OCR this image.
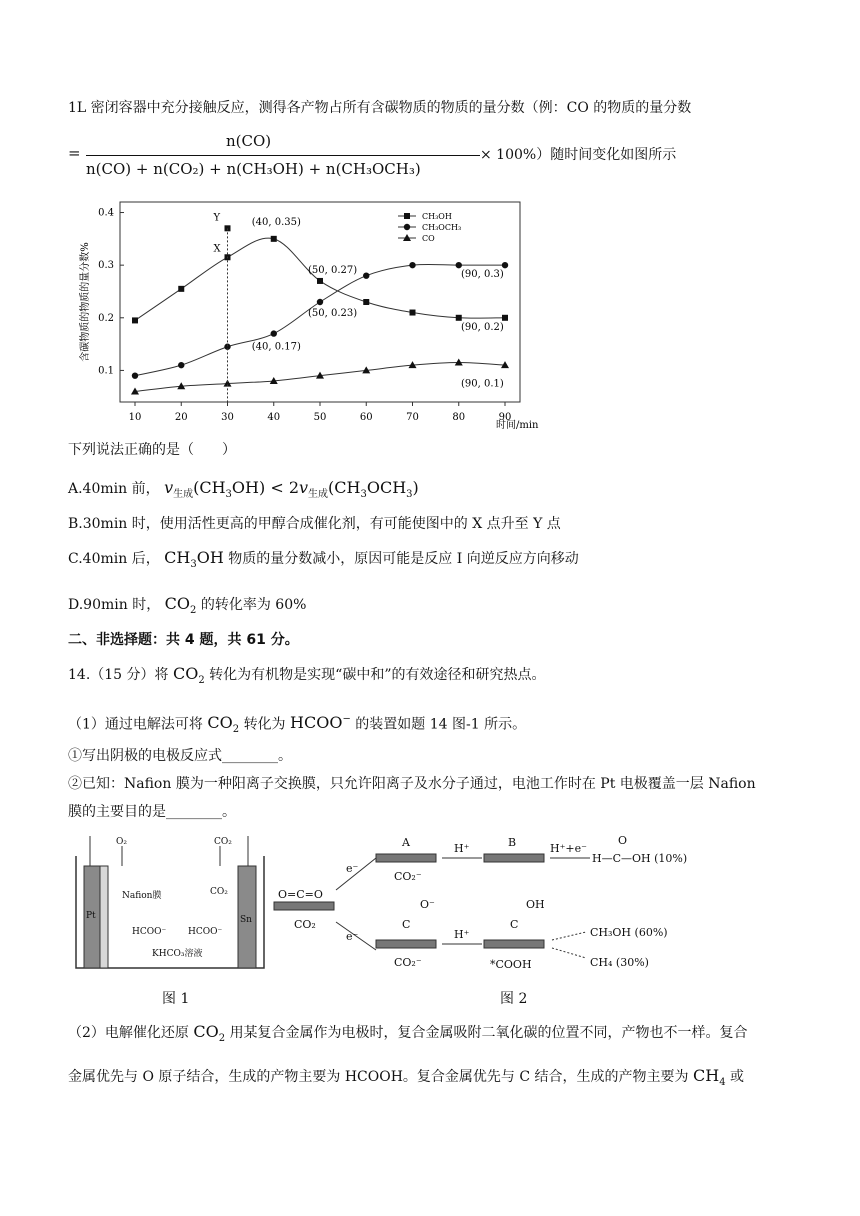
1L 密闭容器中充分接触反应，测得各产物占所有含碳物质的物质的量分数（例：CO 的物质的量分数
=
n(CO)
n(CO) + n(CO₂) + n(CH₃OH) + n(CH₃OCH₃)
× 100%）随时间变化如图所示
10	20	30	40	50	60	70	80	90
0.1
0.2
0.3
0.4
含碳物质的物质的量分数%
时间/min
(40, 0.35)
(50, 0.27)
(50, 0.23)
(40, 0.17)
(90, 0.3)
(90, 0.2)
(90, 0.1)
Y
X
CH₃OH
CH₃OCH₃
CO
下列说法正确的是（　　）
A.40min 前， $v_{生成}(CH_3OH) < 2v_{生成}(CH_3OCH_3)$
B.30min 时，使用活性更高的甲醇合成催化剂，有可能使图中的 X 点升至 Y 点
C.40min 后， $CH_3OH$ 物质的量分数减小，原因可能是反应 I 向逆反应方向移动
D.90min 时， $CO_2$ 的转化率为 60%
二、非选择题：共 4 题，共 61 分。
14.（15 分）将 $CO_2$ 转化为有机物是实现“碳中和”的有效途径和研究热点。
（1）通过电解法可将 $CO_2$ 转化为 HCOO− 的装置如题 14 图-1 所示。
①写出阴极的电极反应式________。
②已知：Nafion 膜为一种阳离子交换膜，只允许阳离子及水分子通过，电池工作时在 Pt 电极覆盖一层 Nafion
膜的主要目的是________。
Pt	Sn
O₂	CO₂
Nafion膜	CO₂
HCOO⁻ HCOO⁻
KHCO₃溶液
图 1
O=C=O
CO₂
e⁻
e⁻
A
CO₂⁻
H⁺	B	H⁺+e⁻
O
H—C—OH (10%)
O⁻
C
CO₂⁻
H⁺
OH
C
*COOH
CH₃OH (60%)
CH₄ (30%)
图 2
（2）电解催化还原 $CO_2$ 用某复合金属作为电极时，复合金属吸附二氧化碳的位置不同，产物也不一样。复合
金属优先与 O 原子结合，生成的产物主要为 HCOOH。复合金属优先与 C 结合，生成的产物主要为 $CH_4$ 或
